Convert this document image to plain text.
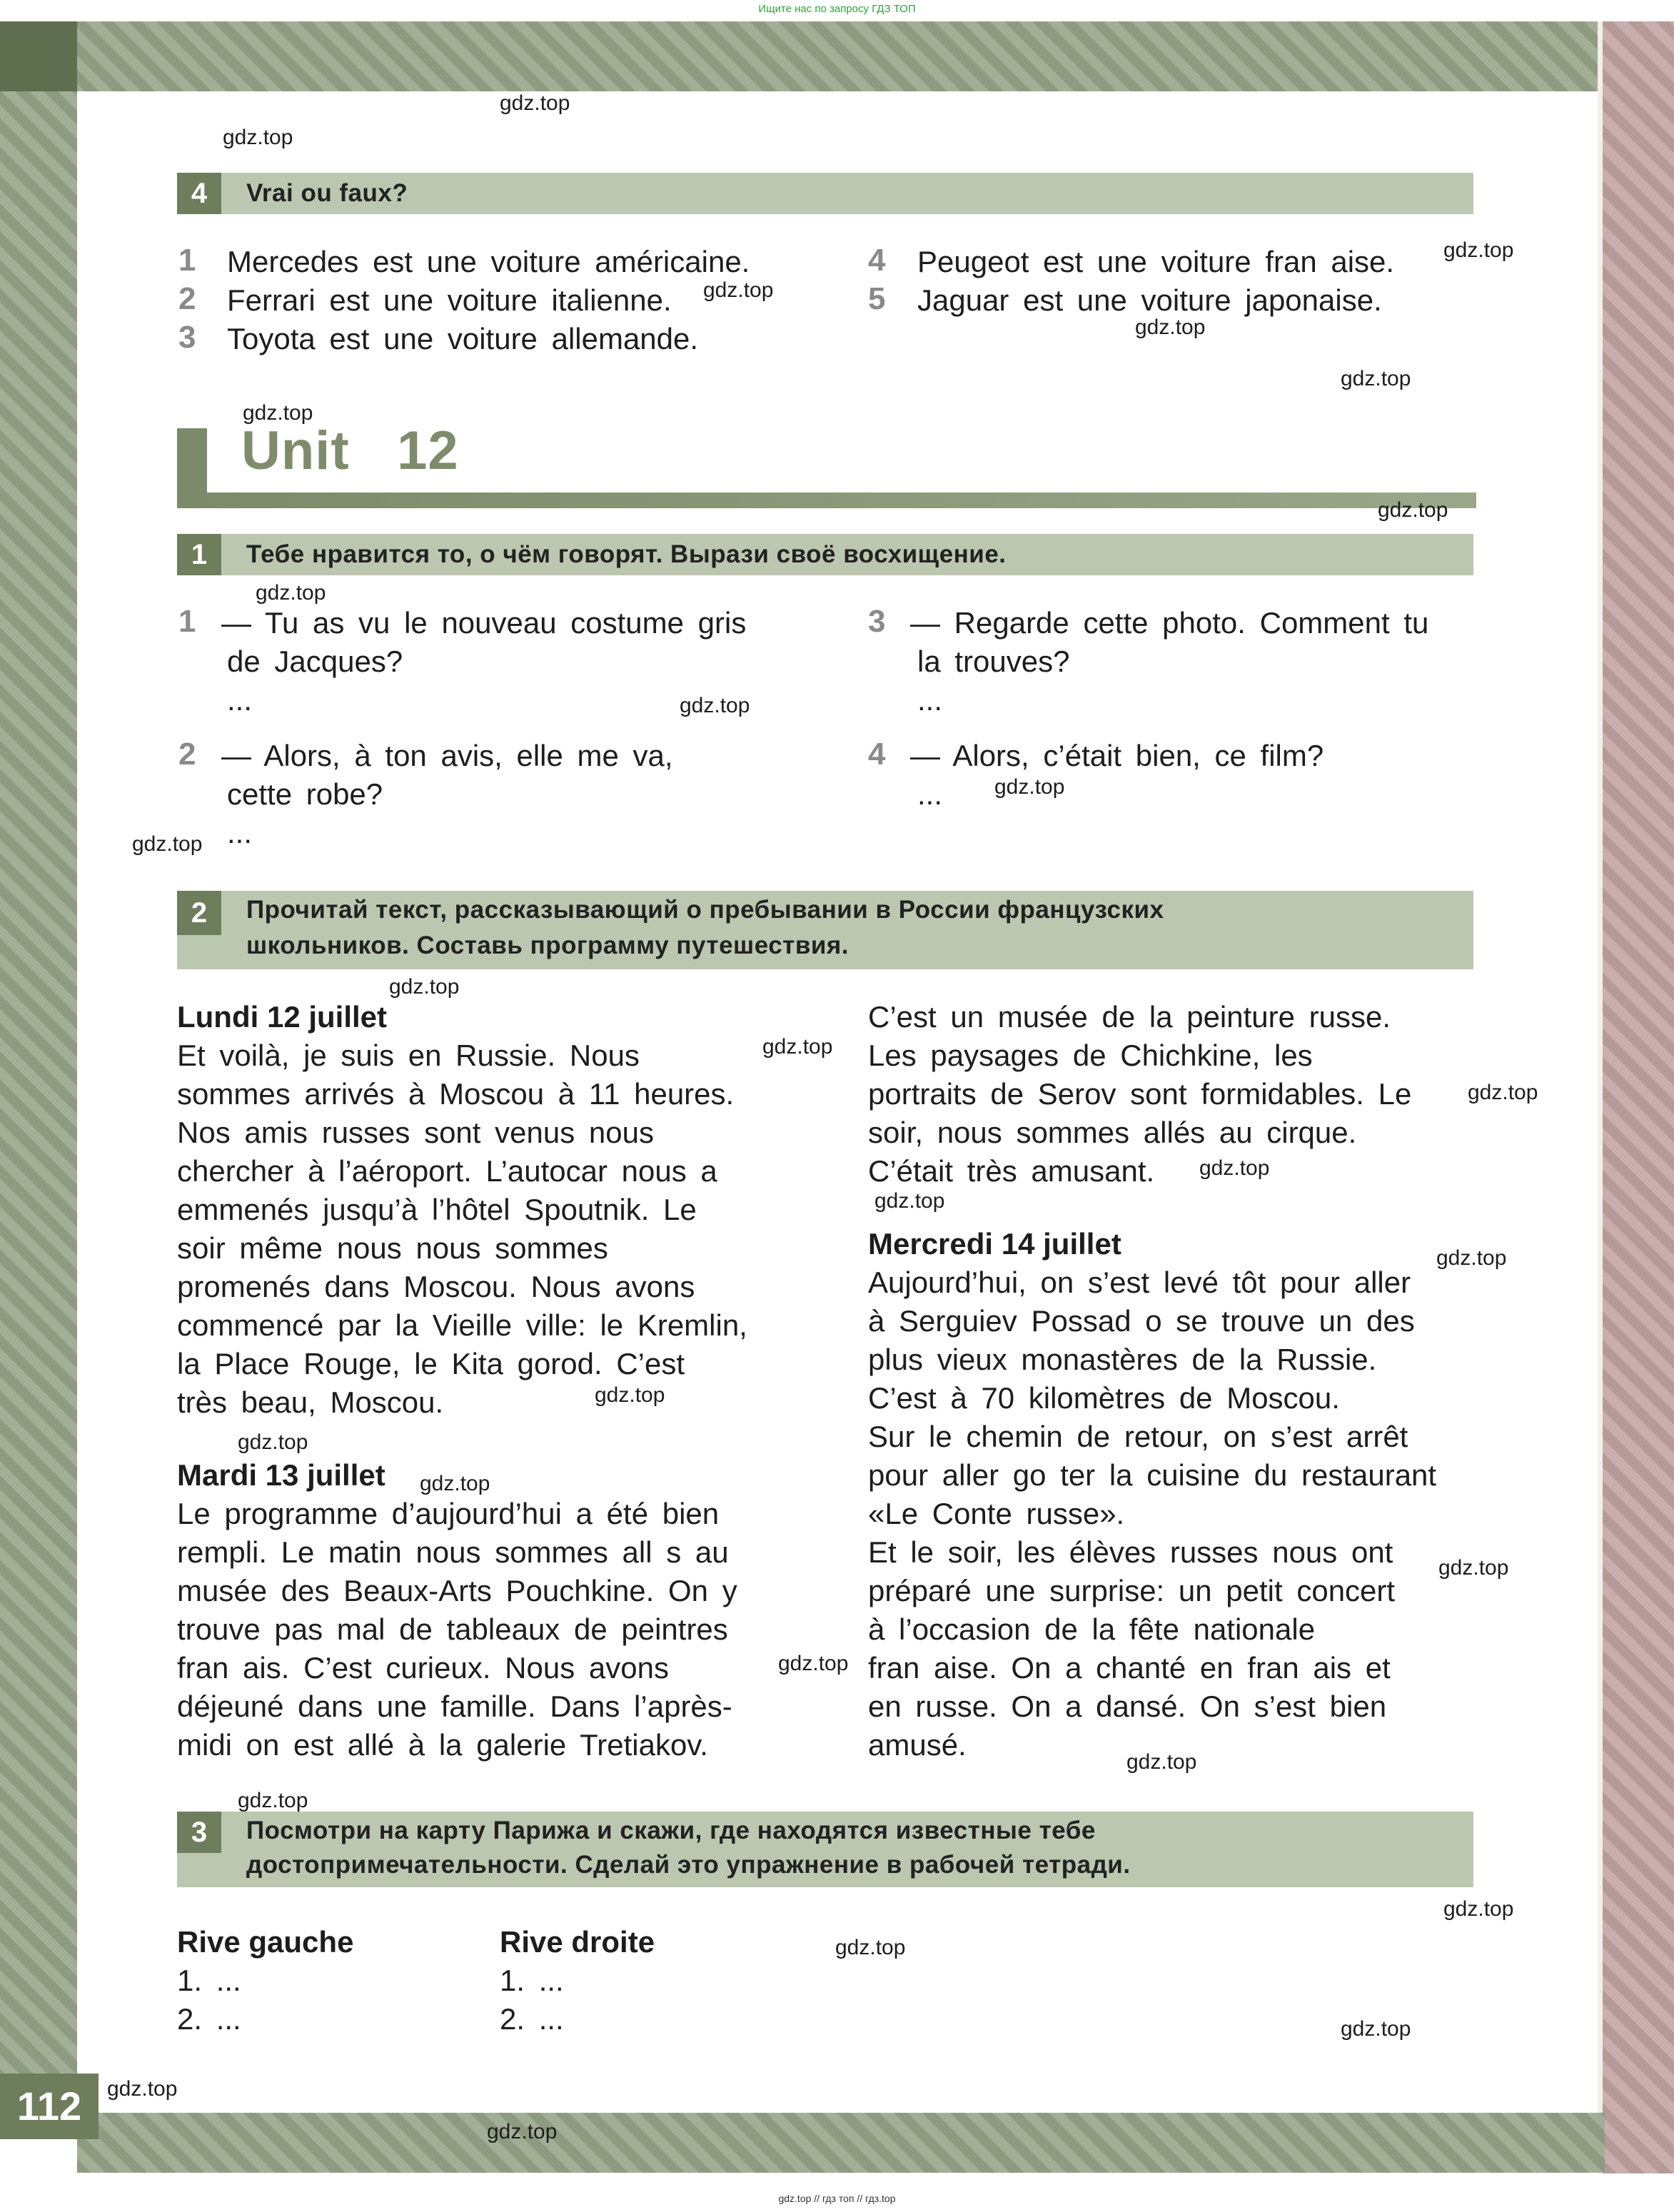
112
Ищите нас по запросу ГДЗ ТОП
gdz.top // гдз топ // гдз.top
4	Vrai ou faux?
1 Mercedes est une voiture américaine.
2 Ferrari est une voiture italienne.
3 Toyota est une voiture allemande.
4 Peugeot est une voiture fran aise.
5 Jaguar est une voiture japonaise.
Unit 12
1	Тебе нравится то, о чём говорят. Вырази своё восхищение.
1 — Tu as vu le nouveau costume gris
de Jacques?
...
2 — Alors, à ton avis, elle me va,
cette robe?
...
3 — Regarde cette photo. Comment tu
la trouves?
...
4 — Alors, c’était bien, ce film?
...
2	Прочитай текст, рассказывающий о пребывании в России французских
школьников. Составь программу путешествия.
Lundi 12 juillet
Et voilà, je suis en Russie. Nous
sommes arrivés à Moscou à 11 heures.
Nos amis russes sont venus nous
chercher à l’aéroport. L’autocar nous a
emmenés jusqu’à l’hôtel Spoutnik. Le
soir même nous nous sommes
promenés dans Moscou. Nous avons
commencé par la Vieille ville: le Kremlin,
la Place Rouge, le Kita gorod. C’est
très beau, Moscou.
Mardi 13 juillet
Le programme d’aujourd’hui a été bien
rempli. Le matin nous sommes all s au
musée des Beaux-Arts Pouchkine. On y
trouve pas mal de tableaux de peintres
fran ais. C’est curieux. Nous avons
déjeuné dans une famille. Dans l’après-
midi on est allé à la galerie Tretiakov.
C’est un musée de la peinture russe.
Les paysages de Chichkine, les
portraits de Serov sont formidables. Le
soir, nous sommes allés au cirque.
C’était très amusant.
Mercredi 14 juillet
Aujourd’hui, on s’est levé tôt pour aller
à Serguiev Possad o se trouve un des
plus vieux monastères de la Russie.
C’est à 70 kilomètres de Moscou.
Sur le chemin de retour, on s’est arrêt
pour aller go ter la cuisine du restaurant
«Le Conte russe».
Et le soir, les élèves russes nous ont
préparé une surprise: un petit concert
à l’occasion de la fête nationale
fran aise. On a chanté en fran ais et
en russe. On a dansé. On s’est bien
amusé.
3	Посмотри на карту Парижа и скажи, где находятся известные тебе
достопримечательности. Сделай это упражнение в рабочей тетради.
Rive gauche
1. ...
2. ...
Rive droite
1. ...
2. ...
gdz.top
gdz.top
gdz.top
gdz.top
gdz.top
gdz.top
gdz.top
gdz.top
gdz.top
gdz.top
gdz.top
gdz.top
gdz.top
gdz.top
gdz.top
gdz.top
gdz.top
gdz.top
gdz.top
gdz.top
gdz.top
gdz.top
gdz.top
gdz.top
gdz.top
gdz.top
gdz.top
gdz.top
gdz.top
gdz.top
